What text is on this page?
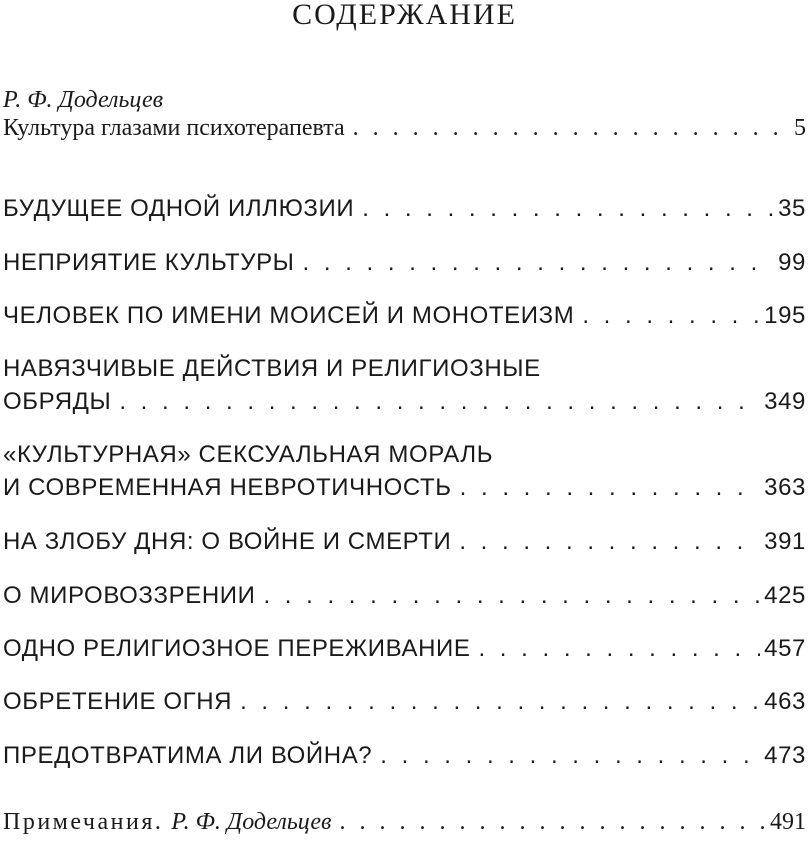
СОДЕРЖАНИЕ
Р. Ф. Додельцев
Культура глазами психотерапевта . . .	5
БУДУЩЕЕ ОДНОЙ ИЛЛЮЗИИ . . .	35
НЕПРИЯТИЕ КУЛЬТУРЫ . . .	99
ЧЕЛОВЕК ПО ИМЕНИ МОИСЕЙ И МОНОТЕИЗМ . . .	195
НАВЯЗЧИВЫЕ ДЕЙСТВИЯ И РЕЛИГИОЗНЫЕ
ОБРЯДЫ . . .	349
«КУЛЬТУРНАЯ» СЕКСУАЛЬНАЯ МОРАЛЬ
И СОВРЕМЕННАЯ НЕВРОТИЧНОСТЬ . . .	363
НА ЗЛОБУ ДНЯ: О ВОЙНЕ И СМЕРТИ . . .	391
О МИРОВОЗЗРЕНИИ . . .	425
ОДНО РЕЛИГИОЗНОЕ ПЕРЕЖИВАНИЕ . . .	457
ОБРЕТЕНИЕ ОГНЯ . . .	463
ПРЕДОТВРАТИМА ЛИ ВОЙНА? . . .	473
Примечания. Р. Ф. Додельцев . . .	491
